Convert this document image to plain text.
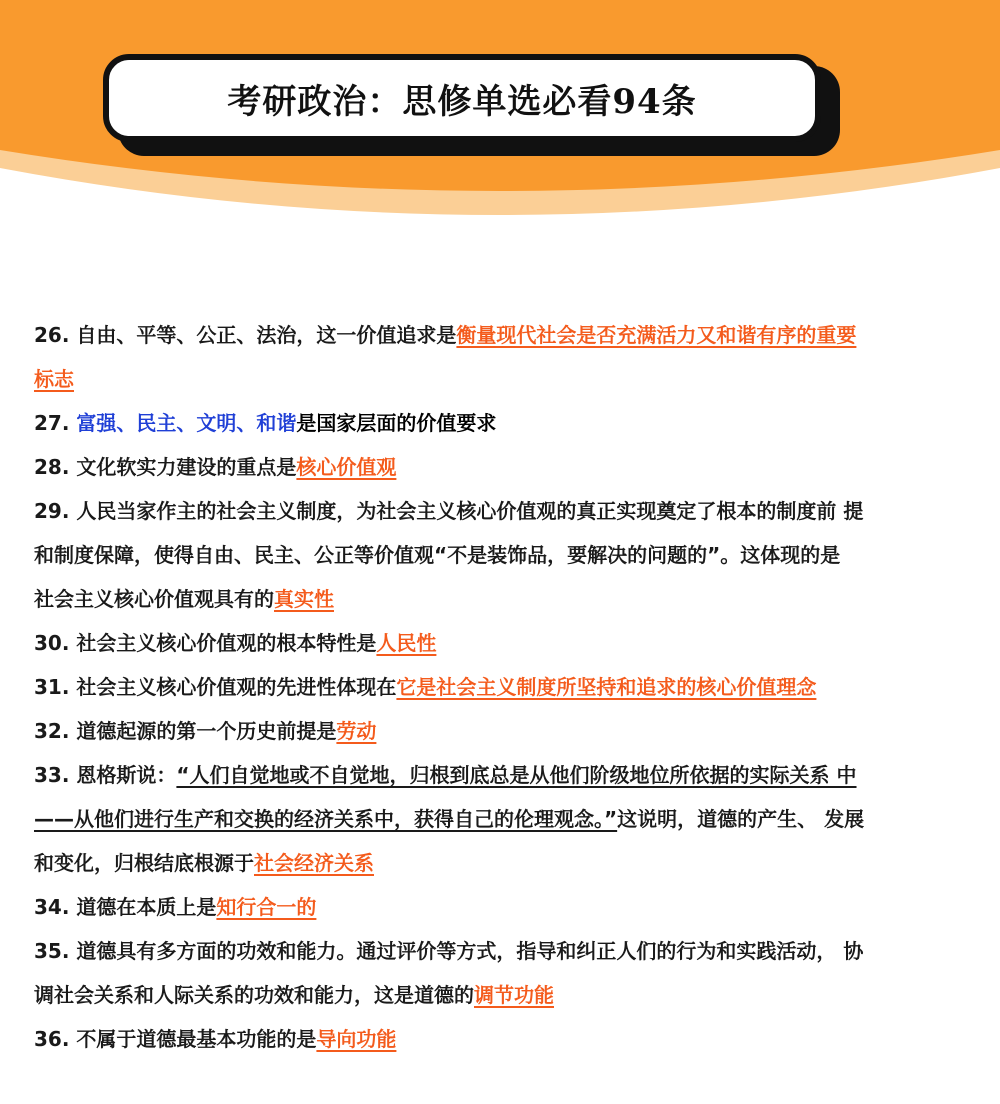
考研政治：思修单选必看94条
26. 自由、平等、公正、法治，这一价值追求是衡量现代社会是否充满活力又和谐有序的重要
标志
27. 富强、民主、文明、和谐是国家层面的价值要求
28. 文化软实力建设的重点是核心价值观
29. 人民当家作主的社会主义制度，为社会主义核心价值观的真正实现奠定了根本的制度前 提
和制度保障，使得自由、民主、公正等价值观“不是装饰品，要解决的问题的”。这体现的是
社会主义核心价值观具有的真实性
30. 社会主义核心价值观的根本特性是人民性
31. 社会主义核心价值观的先进性体现在它是社会主义制度所坚持和追求的核心价值理念
32. 道德起源的第一个历史前提是劳动
33. 恩格斯说：“人们自觉地或不自觉地，归根到底总是从他们阶级地位所依据的实际关系 中
——从他们进行生产和交换的经济关系中，获得自己的伦理观念。”这说明，道德的产生、 发展
和变化，归根结底根源于社会经济关系
34. 道德在本质上是知行合一的
35. 道德具有多方面的功效和能力。通过评价等方式，指导和纠正人们的行为和实践活动， 协
调社会关系和人际关系的功效和能力，这是道德的调节功能
36. 不属于道德最基本功能的是导向功能
